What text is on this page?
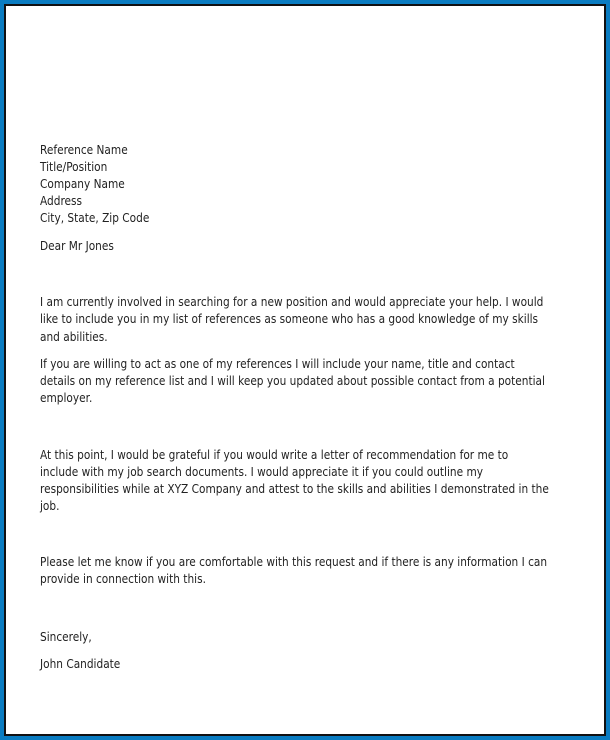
Reference Name
Title/Position
Company Name
Address
City, State, Zip Code
Dear Mr Jones
I am currently involved in searching for a new position and would appreciate your help. I would
like to include you in my list of references as someone who has a good knowledge of my skills
and abilities.
If you are willing to act as one of my references I will include your name, title and contact
details on my reference list and I will keep you updated about possible contact from a potential
employer.
At this point, I would be grateful if you would write a letter of recommendation for me to
include with my job search documents. I would appreciate it if you could outline my
responsibilities while at XYZ Company and attest to the skills and abilities I demonstrated in the
job.
Please let me know if you are comfortable with this request and if there is any information I can
provide in connection with this.
Sincerely,
John Candidate
